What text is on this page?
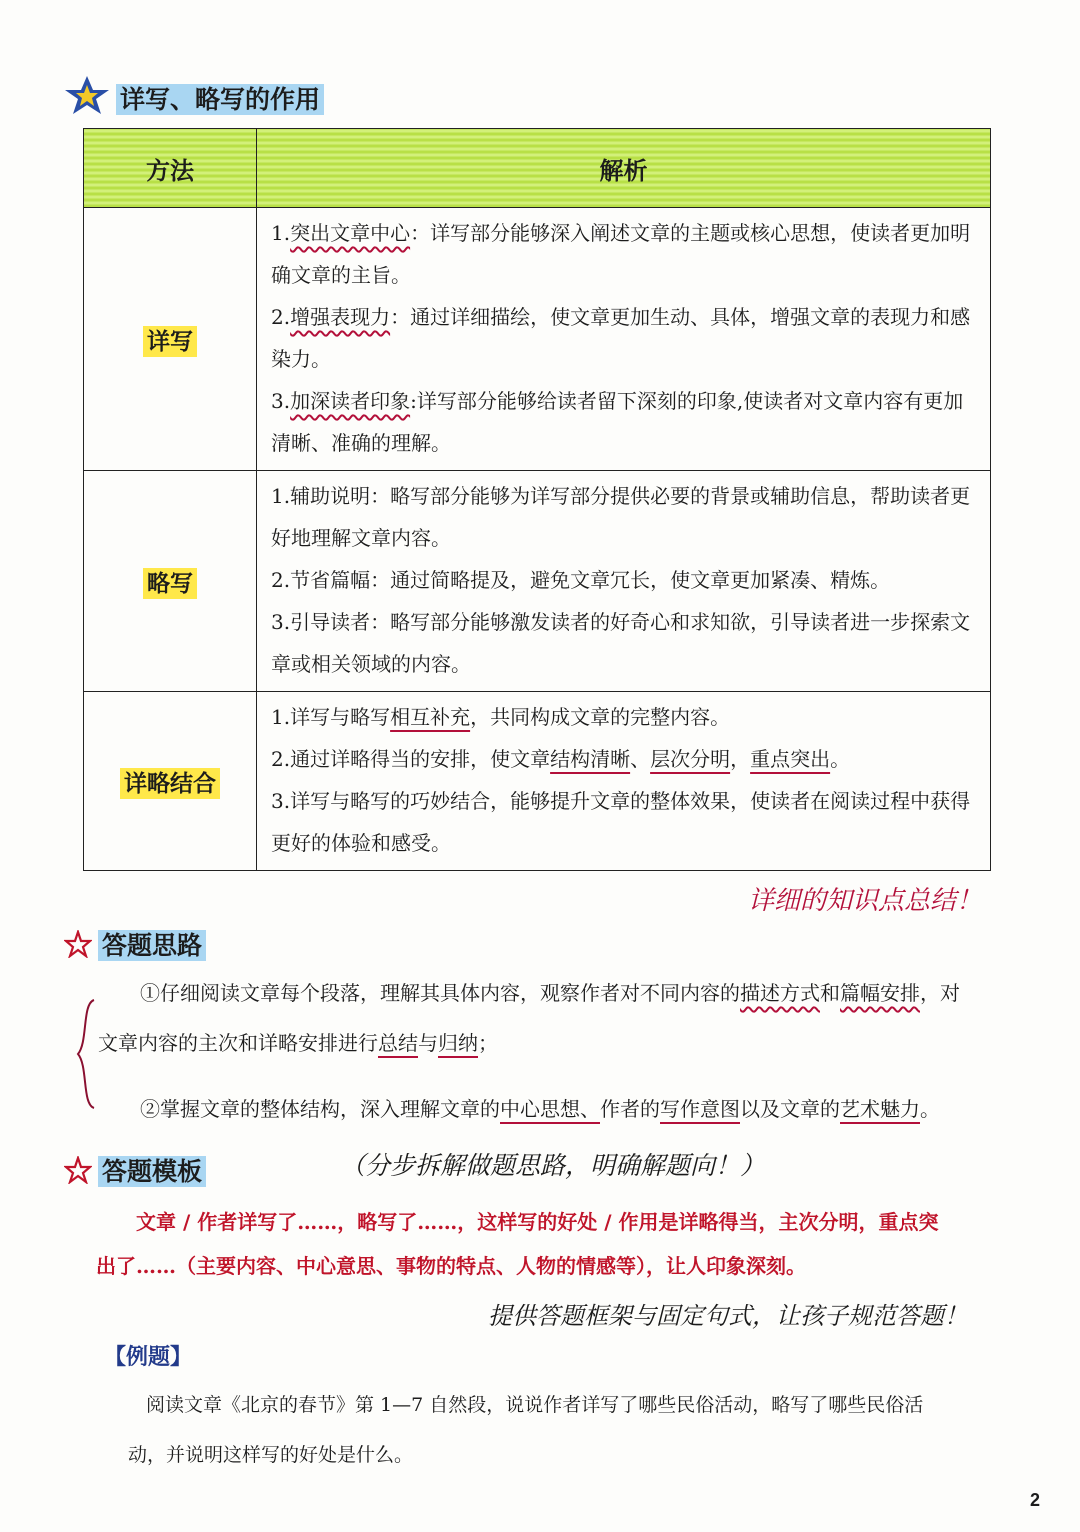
详写、略写的作用
方法	解析
详写	1.突出文章中心：详写部分能够深入阐述文章的主题或核心思想，使读者更加明确文章的主旨。

2.增强表现力：通过详细描绘，使文章更加生动、具体，增强文章的表现力和感染力。

3.加深读者印象:详写部分能够给读者留下深刻的印象,使读者对文章内容有更加清晰、准确的理解。

略写	1.辅助说明：略写部分能够为详写部分提供必要的背景或辅助信息，帮助读者更好地理解文章内容。

2.节省篇幅：通过简略提及，避免文章冗长，使文章更加紧凑、精炼。

3.引导读者：略写部分能够激发读者的好奇心和求知欲，引导读者进一步探索文章或相关领域的内容。

详略结合	1.详写与略写相互补充，共同构成文章的完整内容。

2.通过详略得当的安排，使文章结构清晰、层次分明，重点突出。

3.详写与略写的巧妙结合，能够提升文章的整体效果，使读者在阅读过程中获得更好的体验和感受。

详细的知识点总结！
答题思路
①仔细阅读文章每个段落，理解其具体内容，观察作者对不同内容的描述方式和篇幅安排，对
文章内容的主次和详略安排进行总结与归纳；
②掌握文章的整体结构，深入理解文章的中心思想、作者的写作意图以及文章的艺术魅力。
答题模板	（分步拆解做题思路，明确解题向！）
文章 / 作者详写了……，略写了……，这样写的好处 / 作用是详略得当，主次分明，重点突
出了……（主要内容、中心意思、事物的特点、人物的情感等），让人印象深刻。
提供答题框架与固定句式，让孩子规范答题！
【例题】
阅读文章《北京的春节》第 1—7 自然段，说说作者详写了哪些民俗活动，略写了哪些民俗活
动，并说明这样写的好处是什么。
2
